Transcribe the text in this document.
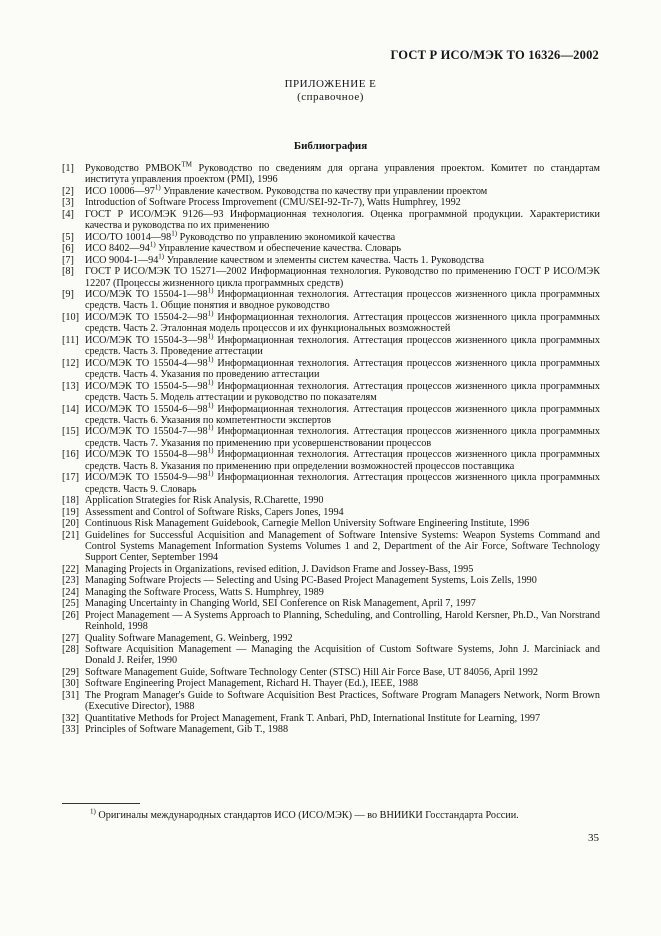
ГОСТ Р ИСО/МЭК ТО 16326—2002
ПРИЛОЖЕНИЕ Е
(справочное)
Библиография
[1] Руководство PMBOK™ Руководство по сведениям для органа управления проектом. Комитет по стандартам института управления проектом (PMI), 1996
[2] ИСО 10006—97$^{1)}$ Управление качеством. Руководства по качеству при управлении проектом
[3] Introduction of Software Process Improvement (CMU/SEI-92-Tr-7), Watts Humphrey, 1992
[4] ГОСТ Р ИСО/МЭК 9126—93 Информационная технология. Оценка программной продукции. Характеристики качества и руководства по их применению
[5] ИСО/ТО 10014—98$^{1)}$ Руководство по управлению экономикой качества
[6] ИСО 8402—94$^{1)}$ Управление качеством и обеспечение качества. Словарь
[7] ИСО 9004-1—94$^{1)}$ Управление качеством и элементы систем качества. Часть 1. Руководства
[8] ГОСТ Р ИСО/МЭК ТО 15271—2002 Информационная технология. Руководство по применению ГОСТ Р ИСО/МЭК 12207 (Процессы жизненного цикла программных средств)
[9] ИСО/МЭК ТО 15504-1—98$^{1)}$ Информационная технология. Аттестация процессов жизненного цикла программных средств. Часть 1. Общие понятия и вводное руководство
[10] ИСО/МЭК ТО 15504-2—98$^{1)}$ Информационная технология. Аттестация процессов жизненного цикла программных средств. Часть 2. Эталонная модель процессов и их функциональных возможностей
[11] ИСО/МЭК ТО 15504-3—98$^{1)}$ Информационная технология. Аттестация процессов жизненного цикла программных средств. Часть 3. Проведение аттестации
[12] ИСО/МЭК ТО 15504-4—98$^{1)}$ Информационная технология. Аттестация процессов жизненного цикла программных средств. Часть 4. Указания по проведению аттестации
[13] ИСО/МЭК ТО 15504-5—98$^{1)}$ Информационная технология. Аттестация процессов жизненного цикла программных средств. Часть 5. Модель аттестации и руководство по показателям
[14] ИСО/МЭК ТО 15504-6—98$^{1)}$ Информационная технология. Аттестация процессов жизненного цикла программных средств. Часть 6. Указания по компетентности экспертов
[15] ИСО/МЭК ТО 15504-7—98$^{1)}$ Информационная технология. Аттестация процессов жизненного цикла программных средств. Часть 7. Указания по применению при усовершенствовании процессов
[16] ИСО/МЭК ТО 15504-8—98$^{1)}$ Информационная технология. Аттестация процессов жизненного цикла программных средств. Часть 8. Указания по применению при определении возможностей процессов поставщика
[17] ИСО/МЭК ТО 15504-9—98$^{1)}$ Информационная технология. Аттестация процессов жизненного цикла программных средств. Часть 9. Словарь
[18] Application Strategies for Risk Analysis, R.Charette, 1990
[19] Assessment and Control of Software Risks, Capers Jones, 1994
[20] Continuous Risk Management Guidebook, Carnegie Mellon University Software Engineering Institute, 1996
[21] Guidelines for Successful Acquisition and Management of Software Intensive Systems: Weapon Systems Command and Control Systems Management Information Systems Volumes 1 and 2, Department of the Air Force, Software Technology Support Center, September 1994
[22] Managing Projects in Organizations, revised edition, J. Davidson Frame and Jossey-Bass, 1995
[23] Managing Software Projects — Selecting and Using PC-Based Project Management Systems, Lois Zells, 1990
[24] Managing the Software Process, Watts S. Humphrey, 1989
[25] Managing Uncertainty in Changing World, SEI Conference on Risk Management, April 7, 1997
[26] Project Management — A Systems Approach to Planning, Scheduling, and Controlling, Harold Kersner, Ph.D., Van Norstrand Reinhold, 1998
[27] Quality Software Management, G. Weinberg, 1992
[28] Software Acquisition Management — Managing the Acquisition of Custom Software Systems, John J. Marciniack and Donald J. Reifer, 1990
[29] Software Management Guide, Software Technology Center (STSC) Hill Air Force Base, UT 84056, April 1992
[30] Software Engineering Project Management, Richard H. Thayer (Ed.), IEEE, 1988
[31] The Program Manager's Guide to Software Acquisition Best Practices, Software Program Managers Network, Norm Brown (Executive Director), 1988
[32] Quantitative Methods for Project Management, Frank T. Anbari, PhD, International Institute for Learning, 1997
[33] Principles of Software Management, Gib T., 1988
$^{1)}$ Оригиналы международных стандартов ИСО (ИСО/МЭК) — во ВНИИКИ Госстандарта России.
35
